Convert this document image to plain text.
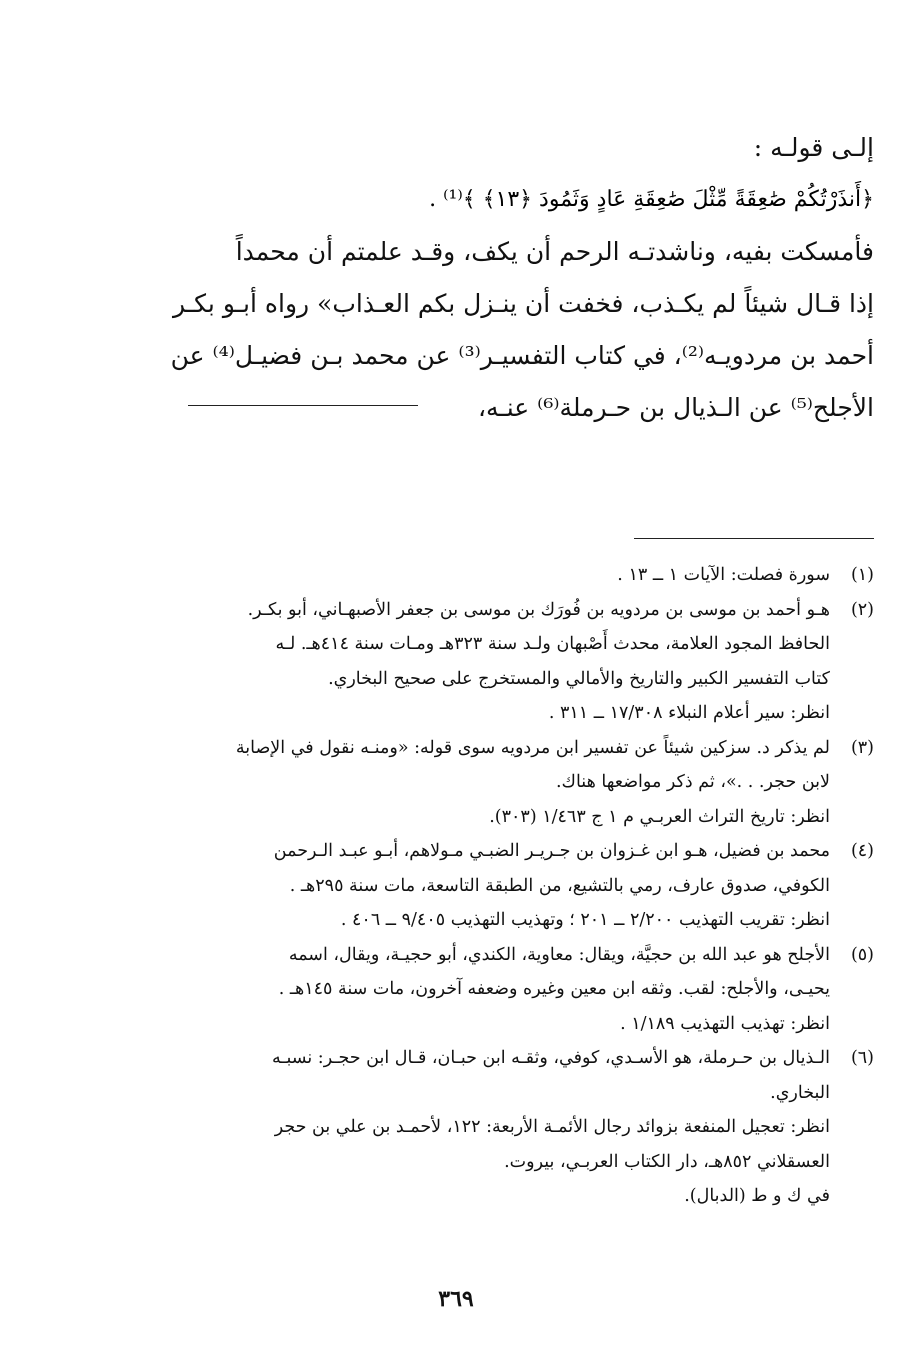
إلـى قولـه :
﴿أَنذَرْتُكُمْ صَٰعِقَةً مِّثْلَ صَٰعِقَةِ عَادٍ وَثَمُودَ ﴿١٣﴾ ﴾⁽¹⁾ .
فأمسكت بفيه، وناشدتـه الرحم أن يكف، وقـد علمتم أن محمداً
إذا قـال شيئاً لم يكـذب، فخفت أن ينـزل بكم العـذاب» رواه أبـو بكـر
أحمد بن مردويـه⁽²⁾، في كتاب التفسيـر⁽³⁾ عن محمد بـن فضيـل⁽⁴⁾ عن
الأجلح⁽⁵⁾ عن الـذيال بن حـرملة⁽⁶⁾ عنـه،
(١)
سورة فصلت: الآيات ١ ــ ١٣ .
(٢)
هـو أحمد بن موسى بن مردويه بن فُورَك بن موسى بن جعفر الأصبهـاني، أبو بكـر.
الحافظ المجود العلامة، محدث أَصْبهان ولـد سنة ٣٢٣هـ ومـات سنة ٤١٤هـ. لـه
كتاب التفسير الكبير والتاريخ والأمالي والمستخرج على صحيح البخاري.
انظر: سير أعلام النبلاء ١٧/٣٠٨ ــ ٣١١ .
(٣)
لم يذكر د. سزكين شيئاً عن تفسير ابن مردويه سوى قوله: «ومنـه نقول في الإصابة
لابن حجر. . .»، ثم ذكر مواضعها هناك.
انظر: تاريخ التراث العربـي م ١ ج ١/٤٦٣ (٣٠٣).
(٤)
محمد بن فضيل، هـو ابن غـزوان بن جـريـر الضبـي مـولاهم، أبـو عبـد الـرحمن
الكوفي، صدوق عارف، رمي بالتشيع، من الطبقة التاسعة، مات سنة ٢٩٥هـ .
انظر: تقريب التهذيب ٢/٢٠٠ ــ ٢٠١ ؛ وتهذيب التهذيب ٩/٤٠٥ ــ ٤٠٦ .
(٥)
الأجلح هو عبد الله بن حجيَّة، ويقال: معاوية، الكندي، أبو حجيـة، ويقال، اسمه
يحيـى، والأجلح: لقب. وثقه ابن معين وغيره وضعفه آخرون، مات سنة ١٤٥هـ .
انظر: تهذيب التهذيب ١/١٨٩ .
(٦)
الـذيال بن حـرملة، هو الأسـدي، كوفي، وثقـه ابن حبـان، قـال ابن حجـر: نسبـه
البخاري.
انظر: تعجيل المنفعة بزوائد رجال الأئمـة الأربعة: ١٢٢، لأحمـد بن علي بن حجر
العسقلاني ٨٥٢هـ، دار الكتاب العربـي، بيروت.
في ك و ط (الدبال).
٣٦٩
